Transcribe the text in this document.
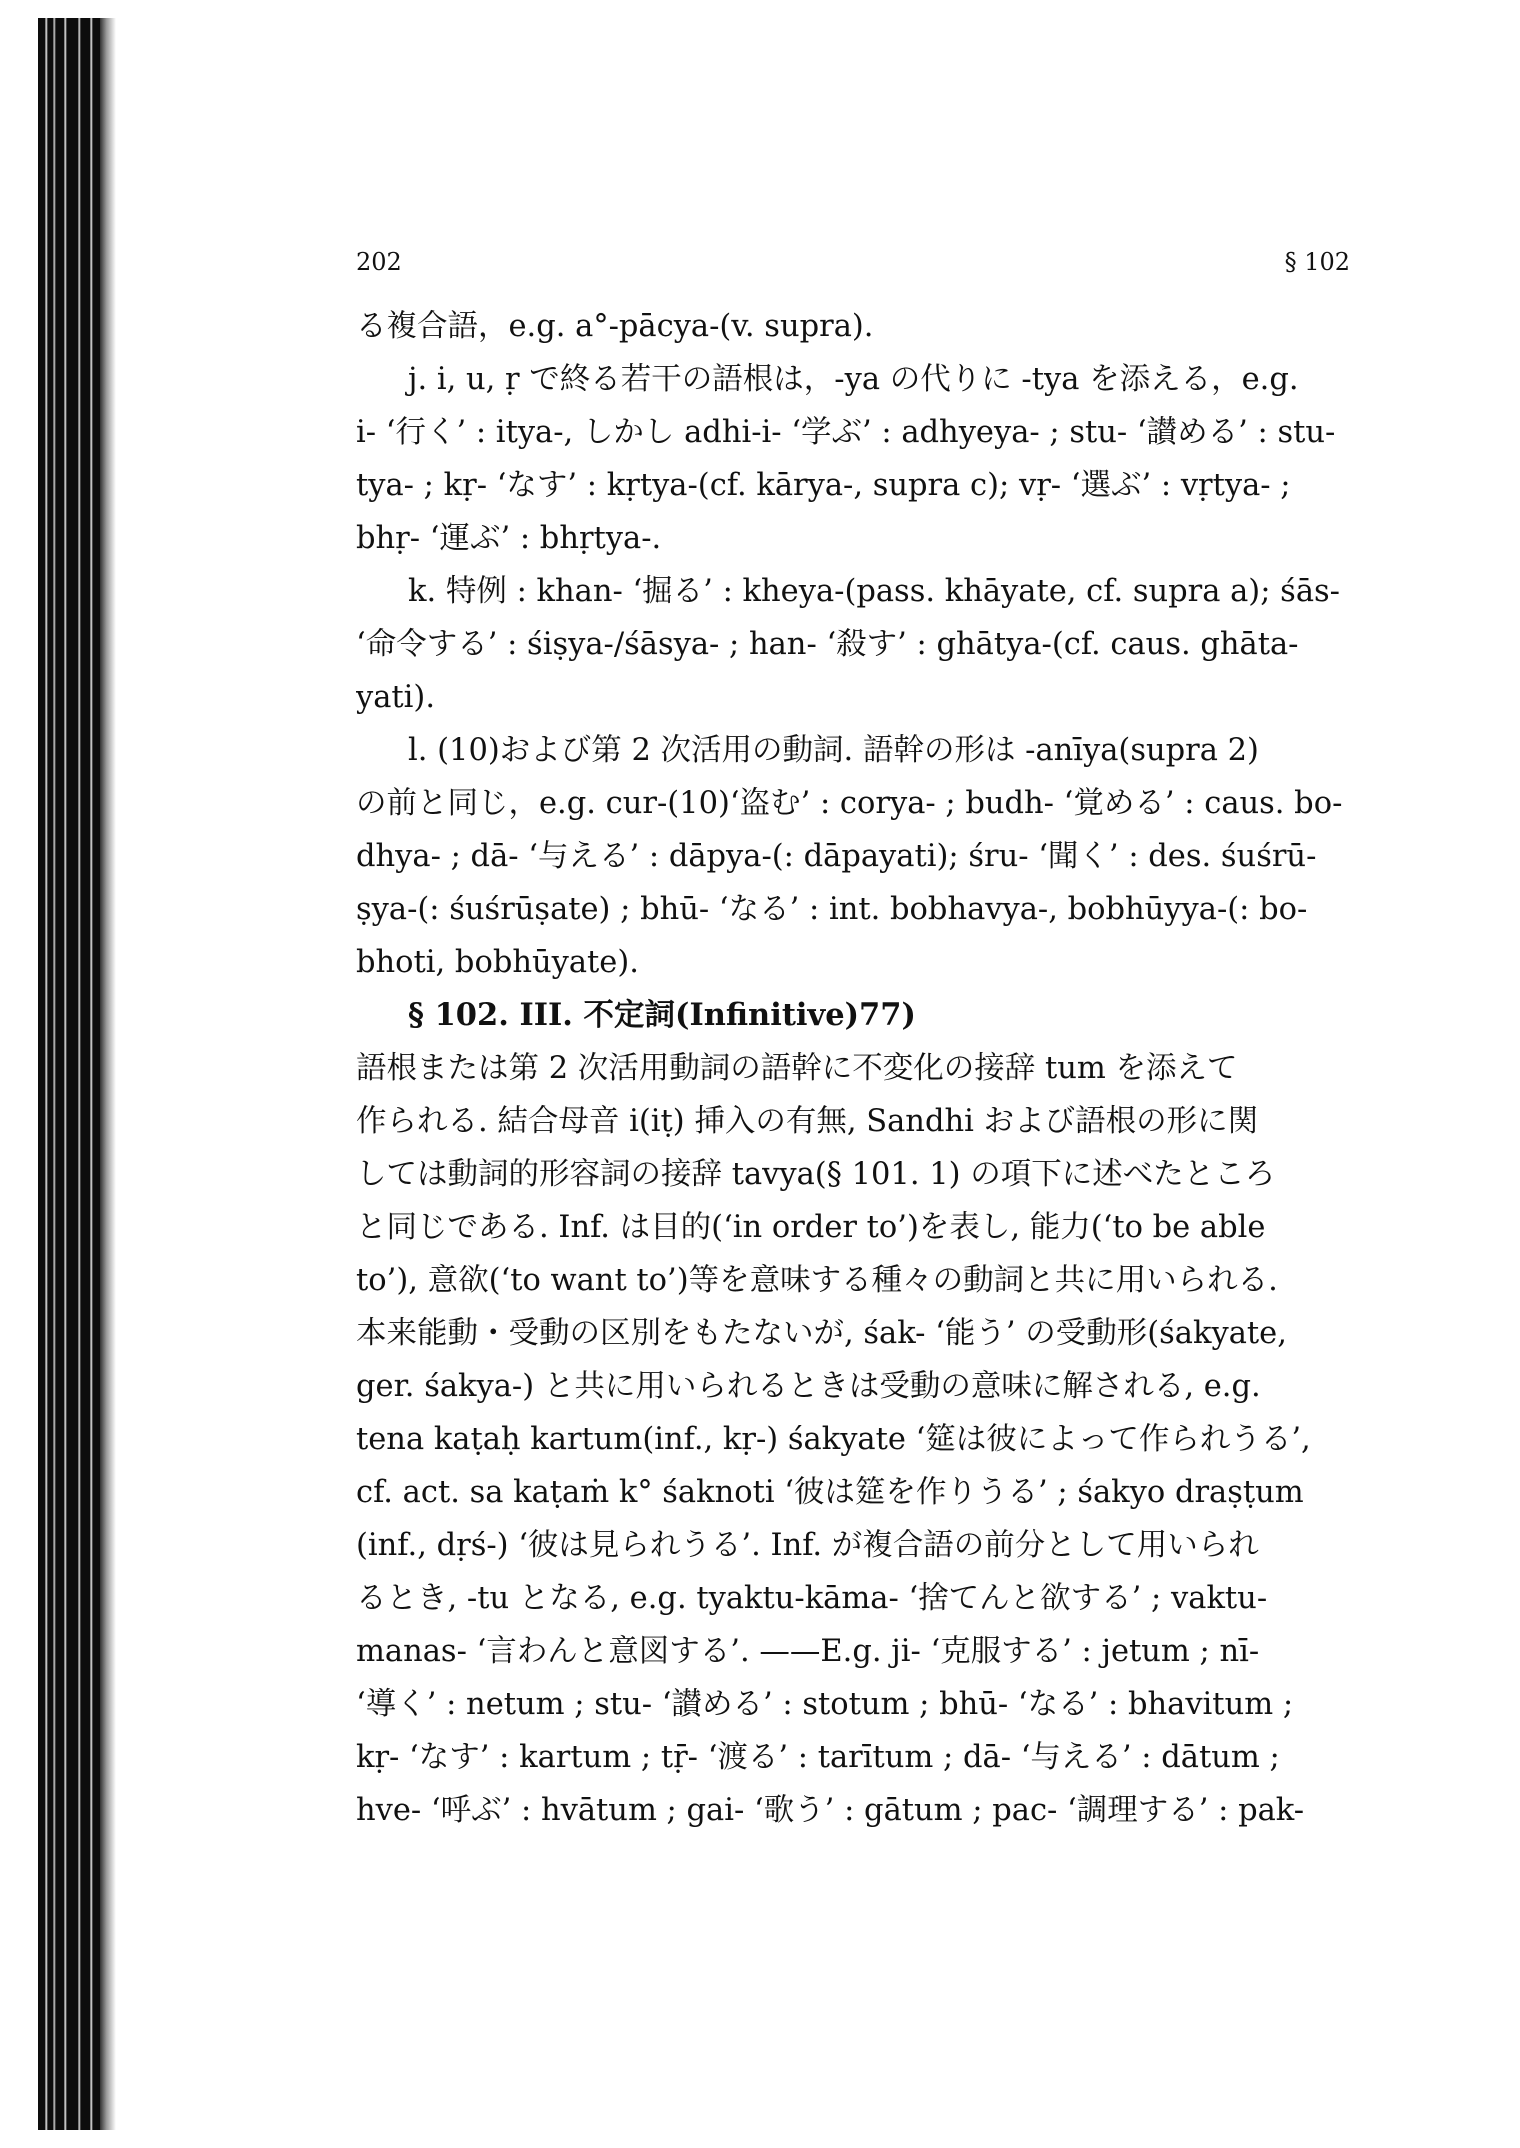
202	§ 102
る複合語，e.g. a°-pācya-(v. supra).
j. i, u, ṛ で終る若干の語根は，-ya の代りに -tya を添える，e.g.
i- ‘行く’ : itya-, しかし adhi-i- ‘学ぶ’ : adhyeya- ; stu- ‘讃める’ : stu-
tya- ; kṛ- ‘なす’ : kṛtya-(cf. kārya-, supra c); vṛ- ‘選ぶ’ : vṛtya- ;
bhṛ- ‘運ぶ’ : bhṛtya-.
k. 特例 : khan- ‘掘る’ : kheya-(pass. khāyate, cf. supra a); śās-
‘命令する’ : śiṣya-/śāsya- ; han- ‘殺す’ : ghātya-(cf. caus. ghāta-
yati).
l. (10)および第 2 次活用の動詞. 語幹の形は -anīya(supra 2)
の前と同じ，e.g. cur-(10)‘盗む’ : corya- ; budh- ‘覚める’ : caus. bo-
dhya- ; dā- ‘与える’ : dāpya-(: dāpayati); śru- ‘聞く’ : des. śuśrū-
ṣya-(: śuśrūṣate) ; bhū- ‘なる’ : int. bobhavya-, bobhūyya-(: bo-
bhoti, bobhūyate).
§ 102. III. 不定詞(Infinitive)77)
語根または第 2 次活用動詞の語幹に不変化の接辞 tum を添えて
作られる. 結合母音 i(iṭ) 挿入の有無, Sandhi および語根の形に関
しては動詞的形容詞の接辞 tavya(§ 101. 1) の項下に述べたところ
と同じである. Inf. は目的(‘in order to’)を表し, 能力(‘to be able
to’), 意欲(‘to want to’)等を意味する種々の動詞と共に用いられる.
本来能動・受動の区別をもたないが, śak- ‘能う’ の受動形(śakyate,
ger. śakya-) と共に用いられるときは受動の意味に解される, e.g.
tena kaṭaḥ kartum(inf., kṛ-) śakyate ‘筵は彼によって作られうる’,
cf. act. sa kaṭaṁ k° śaknoti ‘彼は筵を作りうる’ ; śakyo draṣṭum
(inf., dṛś-) ‘彼は見られうる’. Inf. が複合語の前分として用いられ
るとき, -tu となる, e.g. tyaktu-kāma- ‘捨てんと欲する’ ; vaktu-
manas- ‘言わんと意図する’. ——E.g. ji- ‘克服する’ : jetum ; nī-
‘導く’ : netum ; stu- ‘讃める’ : stotum ; bhū- ‘なる’ : bhavitum ;
kṛ- ‘なす’ : kartum ; tṝ- ‘渡る’ : tarītum ; dā- ‘与える’ : dātum ;
hve- ‘呼ぶ’ : hvātum ; gai- ‘歌う’ : gātum ; pac- ‘調理する’ : pak-
